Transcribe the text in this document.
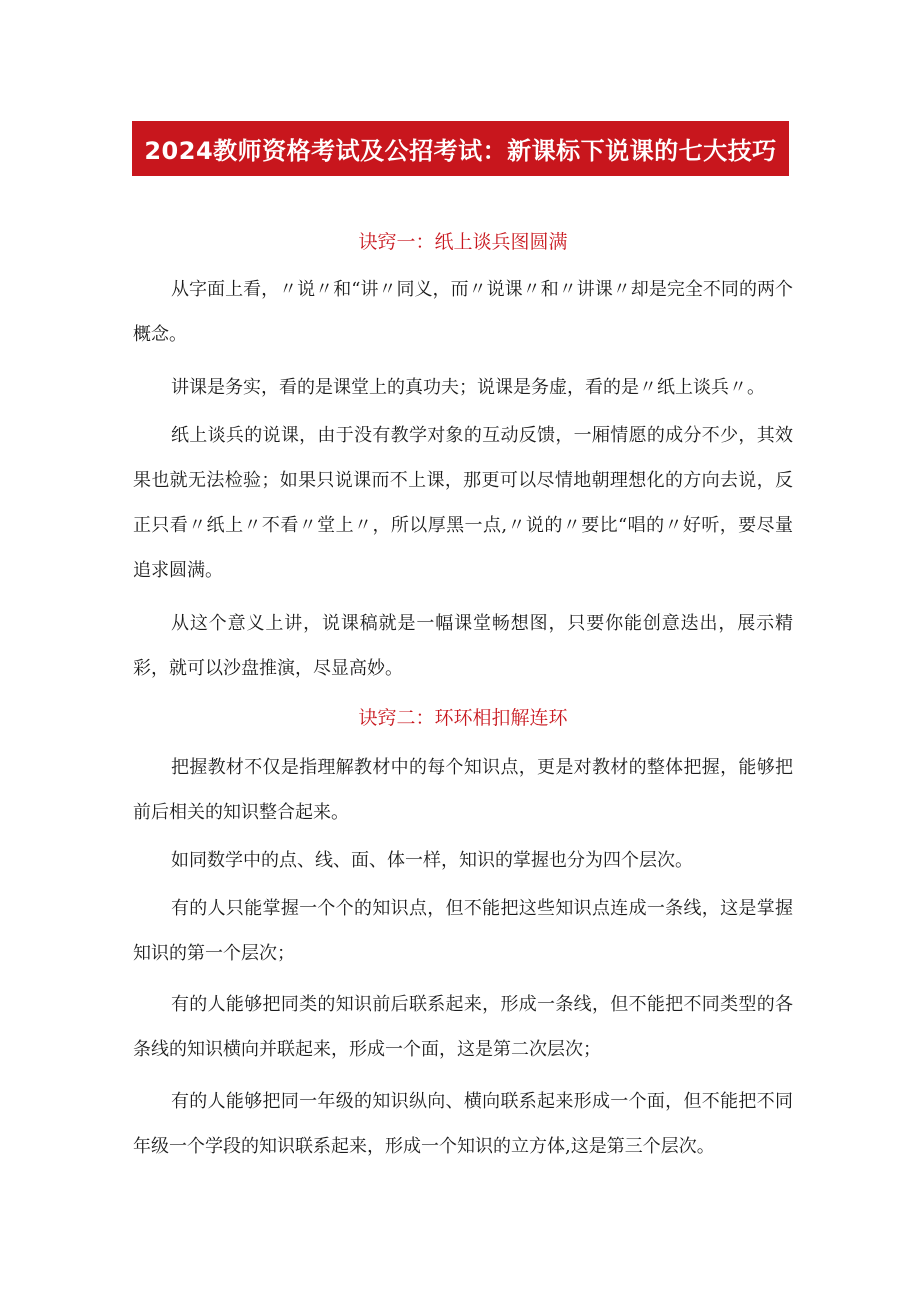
2024教师资格考试及公招考试：新课标下说课的七大技巧
诀窍一：纸上谈兵图圆满

从字面上看，〃说〃和“讲〃同义，而〃说课〃和〃讲课〃却是完全不同的两个概念。

讲课是务实，看的是课堂上的真功夫；说课是务虚，看的是〃纸上谈兵〃。

纸上谈兵的说课，由于没有教学对象的互动反馈，一厢情愿的成分不少，其效果也就无法检验；如果只说课而不上课，那更可以尽情地朝理想化的方向去说，反正只看〃纸上〃不看〃堂上〃，所以厚黑一点,〃说的〃要比“唱的〃好听，要尽量追求圆满。

从这个意义上讲，说课稿就是一幅课堂畅想图，只要你能创意迭出，展示精彩，就可以沙盘推演，尽显高妙。

诀窍二：环环相扣解连环

把握教材不仅是指理解教材中的每个知识点，更是对教材的整体把握，能够把前后相关的知识整合起来。

如同数学中的点、线、面、体一样，知识的掌握也分为四个层次。

有的人只能掌握一个个的知识点，但不能把这些知识点连成一条线，这是掌握知识的第一个层次；

有的人能够把同类的知识前后联系起来，形成一条线，但不能把不同类型的各条线的知识横向并联起来，形成一个面，这是第二次层次；

有的人能够把同一年级的知识纵向、横向联系起来形成一个面，但不能把不同年级一个学段的知识联系起来，形成一个知识的立方体,这是第三个层次。
